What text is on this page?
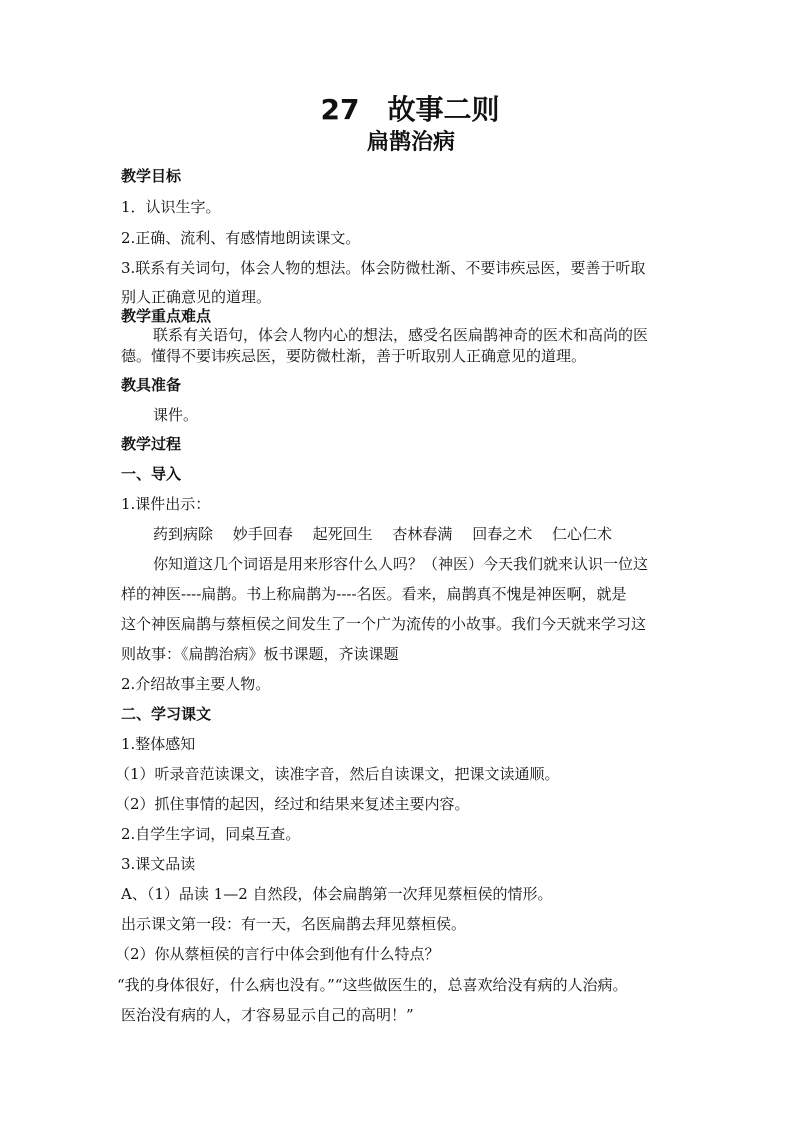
27　故事二则
扁鹊治病
教学目标
1．认识生字。
2.正确、流利、有感情地朗读课文。
3.联系有关词句，体会人物的想法。体会防微杜渐、不要讳疾忌医，要善于听取
别人正确意见的道理。
教学重点难点
联系有关语句，体会人物内心的想法，感受名医扁鹊神奇的医术和高尚的医
德。懂得不要讳疾忌医，要防微杜渐，善于听取别人正确意见的道理。
教具准备
课件。
教学过程
一、导入
1.课件出示：
药到病除 妙手回春 起死回生 杏林春满 回春之术 仁心仁术
你知道这几个词语是用来形容什么人吗？（神医）今天我们就来认识一位这
样的神医----扁鹊。书上称扁鹊为----名医。看来，扁鹊真不愧是神医啊，就是
这个神医扁鹊与蔡桓侯之间发生了一个广为流传的小故事。我们今天就来学习这
则故事：《扁鹊治病》板书课题，齐读课题
2.介绍故事主要人物。
二、学习课文
1.整体感知
（1）听录音范读课文，读准字音，然后自读课文，把课文读通顺。
（2）抓住事情的起因，经过和结果来复述主要内容。
2.自学生字词，同桌互查。
3.课文品读
A、（1）品读 1—2 自然段，体会扁鹊第一次拜见蔡桓侯的情形。
出示课文第一段：有一天，名医扁鹊去拜见蔡桓侯。
（2）你从蔡桓侯的言行中体会到他有什么特点？
“我的身体很好，什么病也没有。”“这些做医生的，总喜欢给没有病的人治病。
医治没有病的人，才容易显示自己的高明！”
